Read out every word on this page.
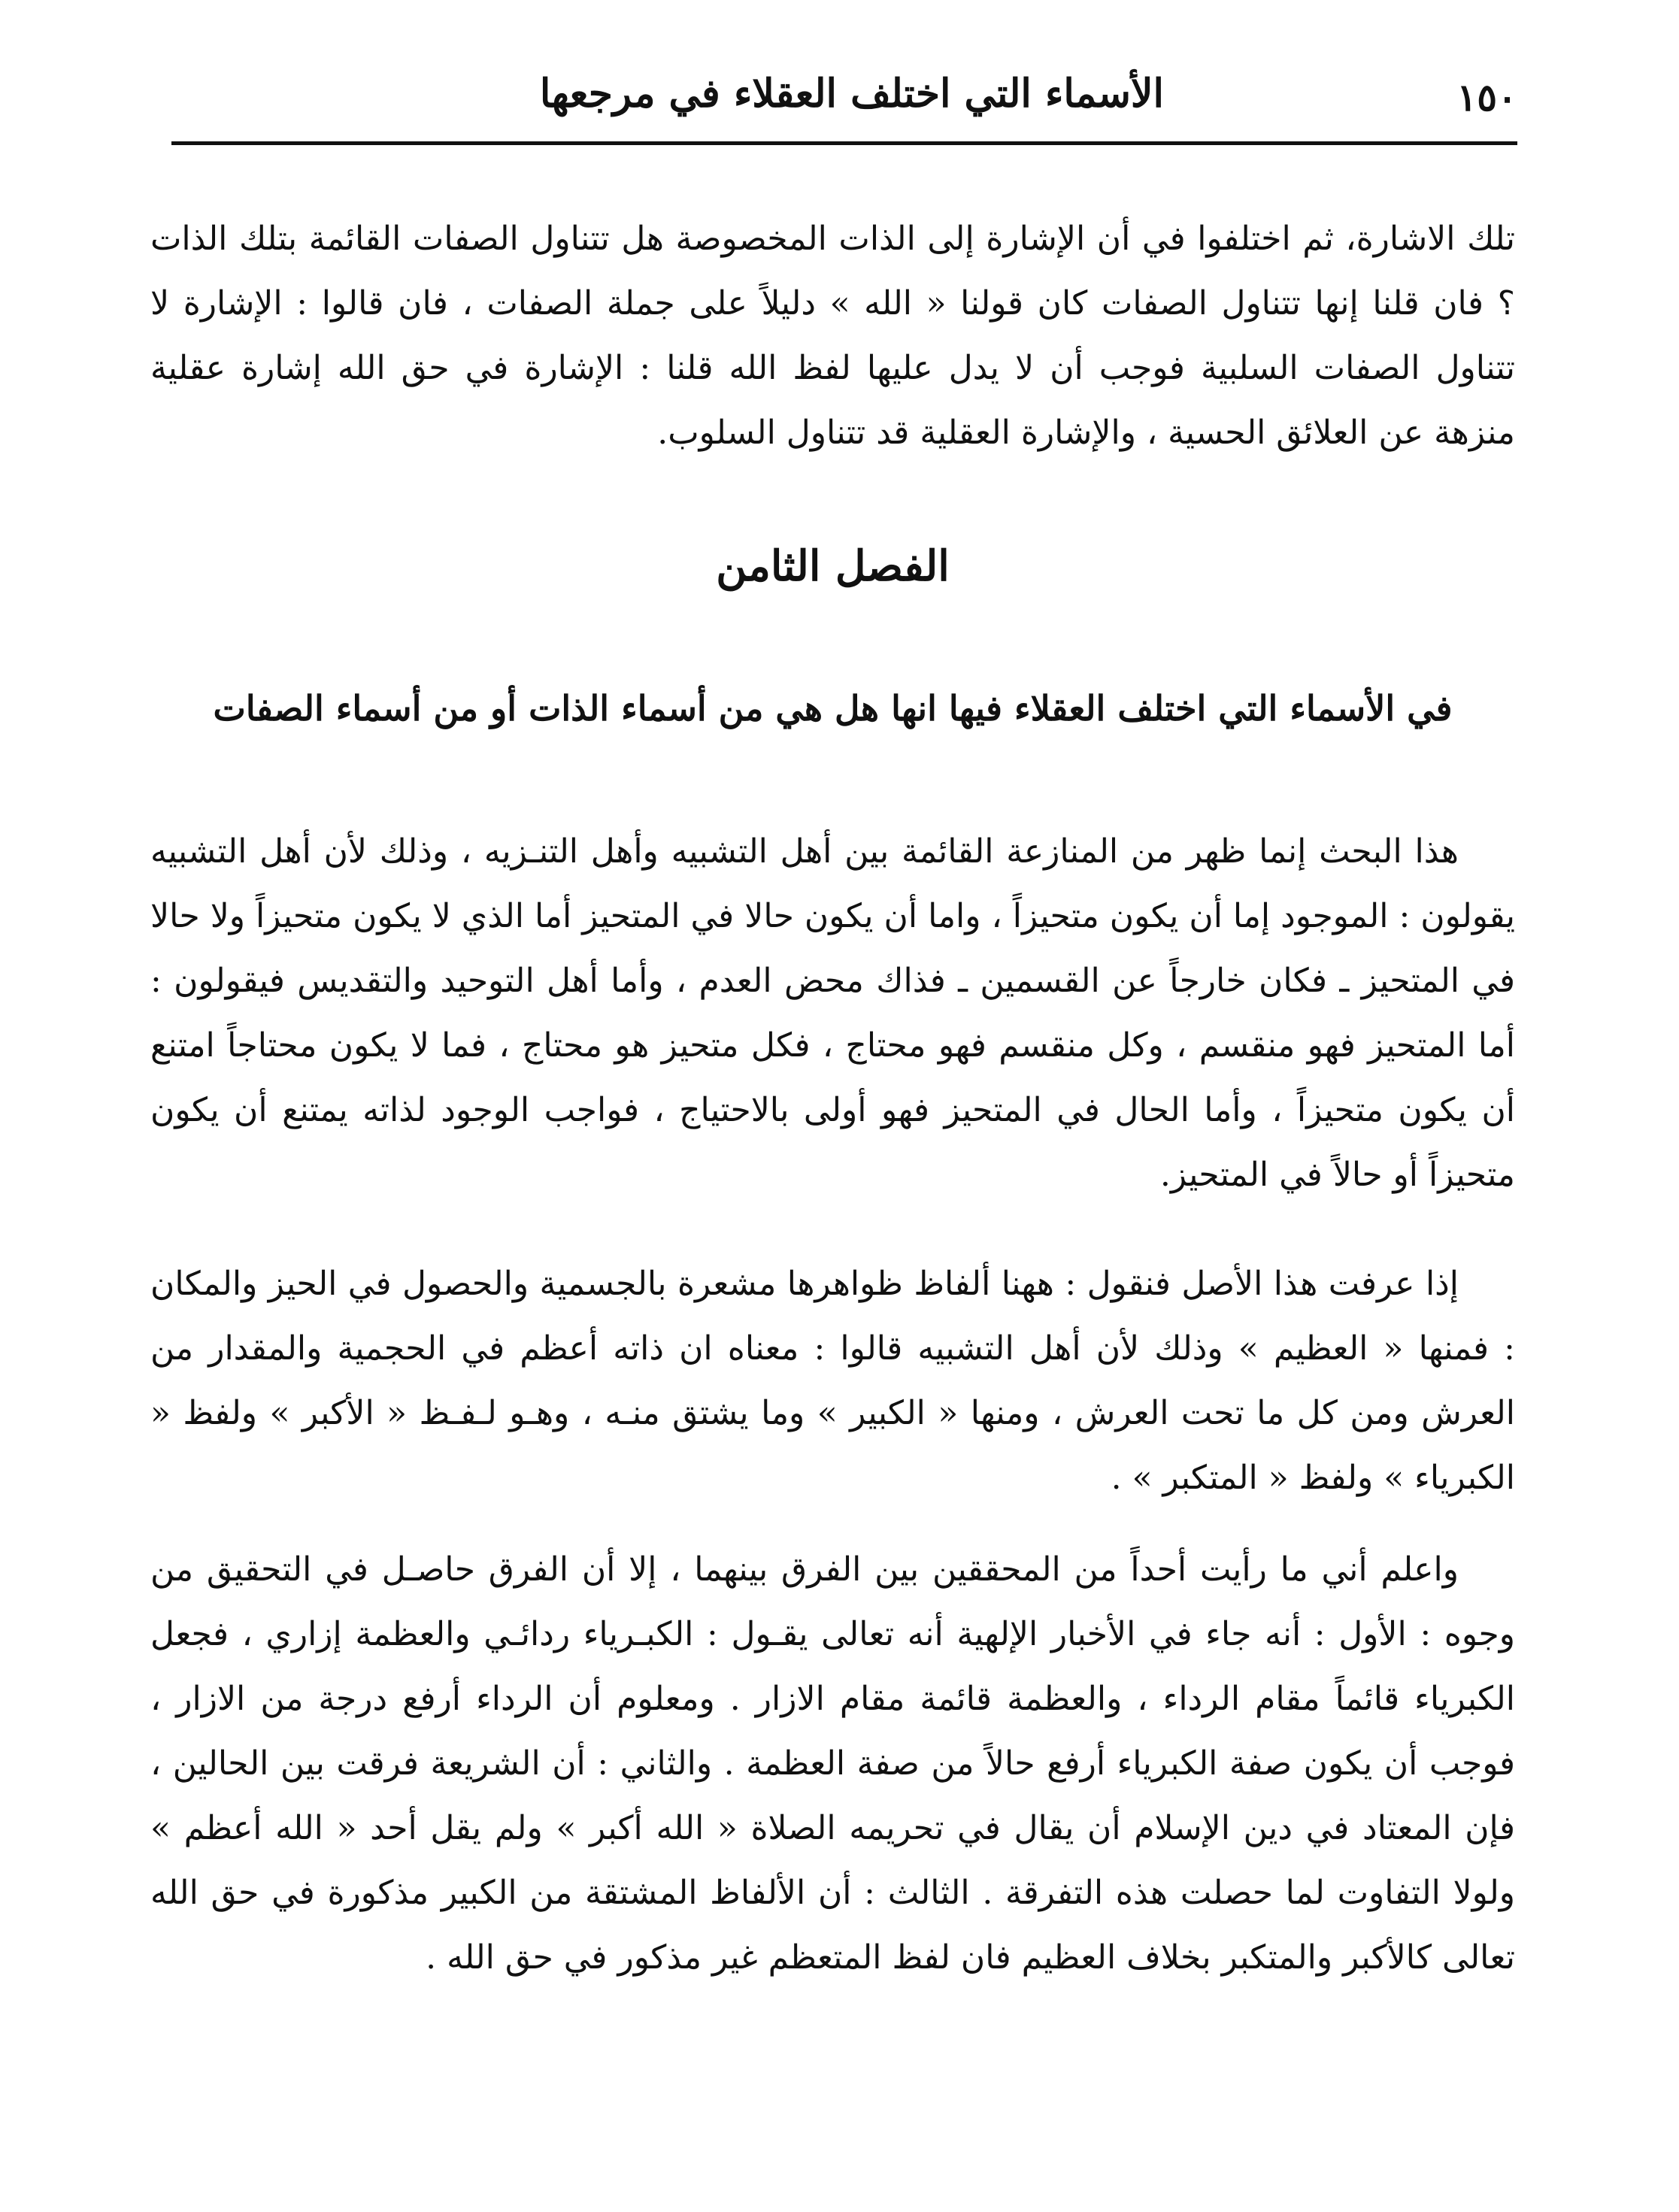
الأسماء التي اختلف العقلاء في مرجعها	١٥٠

تلك الاشارة، ثم اختلفوا في أن الإشارة إلى الذات المخصوصة هل تتناول الصفات القائمة بتلك الذات ؟ فان قلنا إنها تتناول الصفات كان قولنا « الله » دليلاً على جملة الصفات ، فان قالوا : الإشارة لا تتناول الصفات السلبية فوجب أن لا يدل عليها لفظ الله قلنا : الإشارة في حق الله إشارة عقلية منزهة عن العلائق الحسية ، والإشارة العقلية قد تتناول السلوب.

الفصل الثامن
في الأسماء التي اختلف العقلاء فيها انها هل هي من أسماء الذات أو من أسماء الصفات

هذا البحث إنما ظهر من المنازعة القائمة بين أهل التشبيه وأهل التنـزيه ، وذلك لأن أهل التشبيه يقولون : الموجود إما أن يكون متحيزاً ، واما أن يكون حالا في المتحيز أما الذي لا يكون متحيزاً ولا حالا في المتحيز ـ فكان خارجاً عن القسمين ـ فذاك محض العدم ، وأما أهل التوحيد والتقديس فيقولون : أما المتحيز فهو منقسم ، وكل منقسم فهو محتاج ، فكل متحيز هو محتاج ، فما لا يكون محتاجاً امتنع أن يكون متحيزاً ، وأما الحال في المتحيز فهو أولى بالاحتياج ، فواجب الوجود لذاته يمتنع أن يكون متحيزاً أو حالاً في المتحيز.

إذا عرفت هذا الأصل فنقول : ههنا ألفاظ ظواهرها مشعرة بالجسمية والحصول في الحيز والمكان : فمنها « العظيم » وذلك لأن أهل التشبيه قالوا : معناه ان ذاته أعظم في الحجمية والمقدار من العرش ومن كل ما تحت العرش ، ومنها « الكبير » وما يشتق منـه ، وهـو لـفـظ « الأكبر » ولفظ « الكبرياء » ولفظ « المتكبر » .

واعلم أني ما رأيت أحداً من المحققين بين الفرق بينهما ، إلا أن الفرق حاصـل في التحقيق من وجوه : الأول : أنه جاء في الأخبار الإلهية أنه تعالى يقـول : الكبـرياء ردائـي والعظمة إزاري ، فجعل الكبرياء قائماً مقام الرداء ، والعظمة قائمة مقام الازار . ومعلوم أن الرداء أرفع درجة من الازار ، فوجب أن يكون صفة الكبرياء أرفع حالاً من صفة العظمة . والثاني : أن الشريعة فرقت بين الحالين ، فإن المعتاد في دين الإسلام أن يقال في تحريمه الصلاة « الله أكبر » ولم يقل أحد « الله أعظم » ولولا التفاوت لما حصلت هذه التفرقة . الثالث : أن الألفاظ المشتقة من الكبير مذكورة في حق الله تعالى كالأكبر والمتكبر بخلاف العظيم فان لفظ المتعظم غير مذكور في حق الله .
